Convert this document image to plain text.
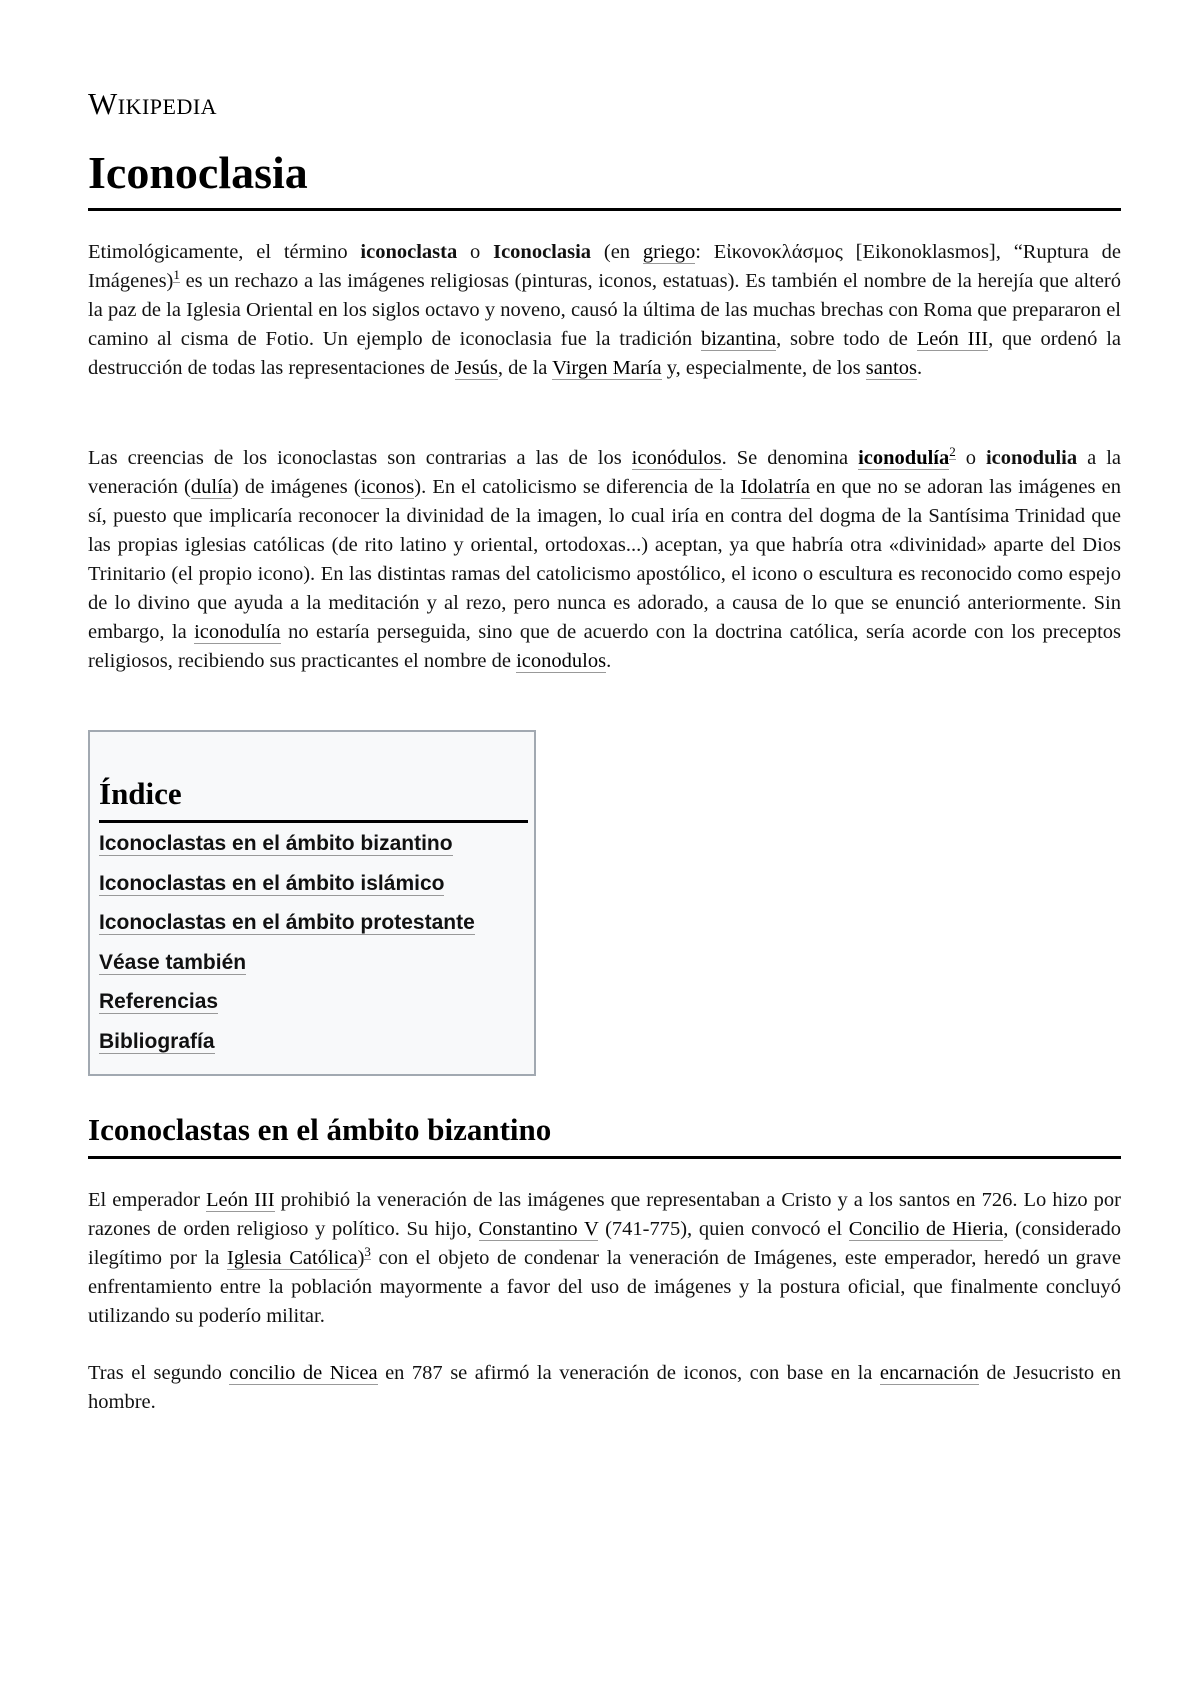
Wikipedia
Iconoclasia

Etimológicamente, el término iconoclasta o Iconoclasia (en griego: Εἰκονοκλάσμος [Eikonoklasmos], “Ruptura de Imágenes)$^1$ es un rechazo a las imágenes religiosas (pinturas, iconos, estatuas). Es también el nombre de la herejía que alteró la paz de la Iglesia Oriental en los siglos octavo y noveno, causó la última de las muchas brechas con Roma que prepararon el camino al cisma de Fotio. Un ejemplo de iconoclasia fue la tradición bizantina, sobre todo de León III, que ordenó la destrucción de todas las representaciones de Jesús, de la Virgen María y, especialmente, de los santos.

Las creencias de los iconoclastas son contrarias a las de los iconódulos. Se denomina iconodulía$^2$ o iconodulia a la veneración (dulía) de imágenes (iconos). En el catolicismo se diferencia de la Idolatría en que no se adoran las imágenes en sí, puesto que implicaría reconocer la divinidad de la imagen, lo cual iría en contra del dogma de la Santísima Trinidad que las propias iglesias católicas (de rito latino y oriental, ortodoxas...) aceptan, ya que habría otra «divinidad» aparte del Dios Trinitario (el propio icono). En las distintas ramas del catolicismo apostólico, el icono o escultura es reconocido como espejo de lo divino que ayuda a la meditación y al rezo, pero nunca es adorado, a causa de lo que se enunció anteriormente. Sin embargo, la iconodulía no estaría perseguida, sino que de acuerdo con la doctrina católica, sería acorde con los preceptos religiosos, recibiendo sus practicantes el nombre de iconodulos.

Índice
Iconoclastas en el ámbito bizantino
Iconoclastas en el ámbito islámico
Iconoclastas en el ámbito protestante
Véase también
Referencias
Bibliografía
Iconoclastas en el ámbito bizantino

El emperador León III prohibió la veneración de las imágenes que representaban a Cristo y a los santos en 726. Lo hizo por razones de orden religioso y político. Su hijo, Constantino V (741-775), quien convocó el Concilio de Hieria, (considerado ilegítimo por la Iglesia Católica)$^3$ con el objeto de condenar la veneración de Imágenes, este emperador, heredó un grave enfrentamiento entre la población mayormente a favor del uso de imágenes y la postura oficial, que finalmente concluyó utilizando su poderío militar.

Tras el segundo concilio de Nicea en 787 se afirmó la veneración de iconos, con base en la encarnación de Jesucristo en hombre.
